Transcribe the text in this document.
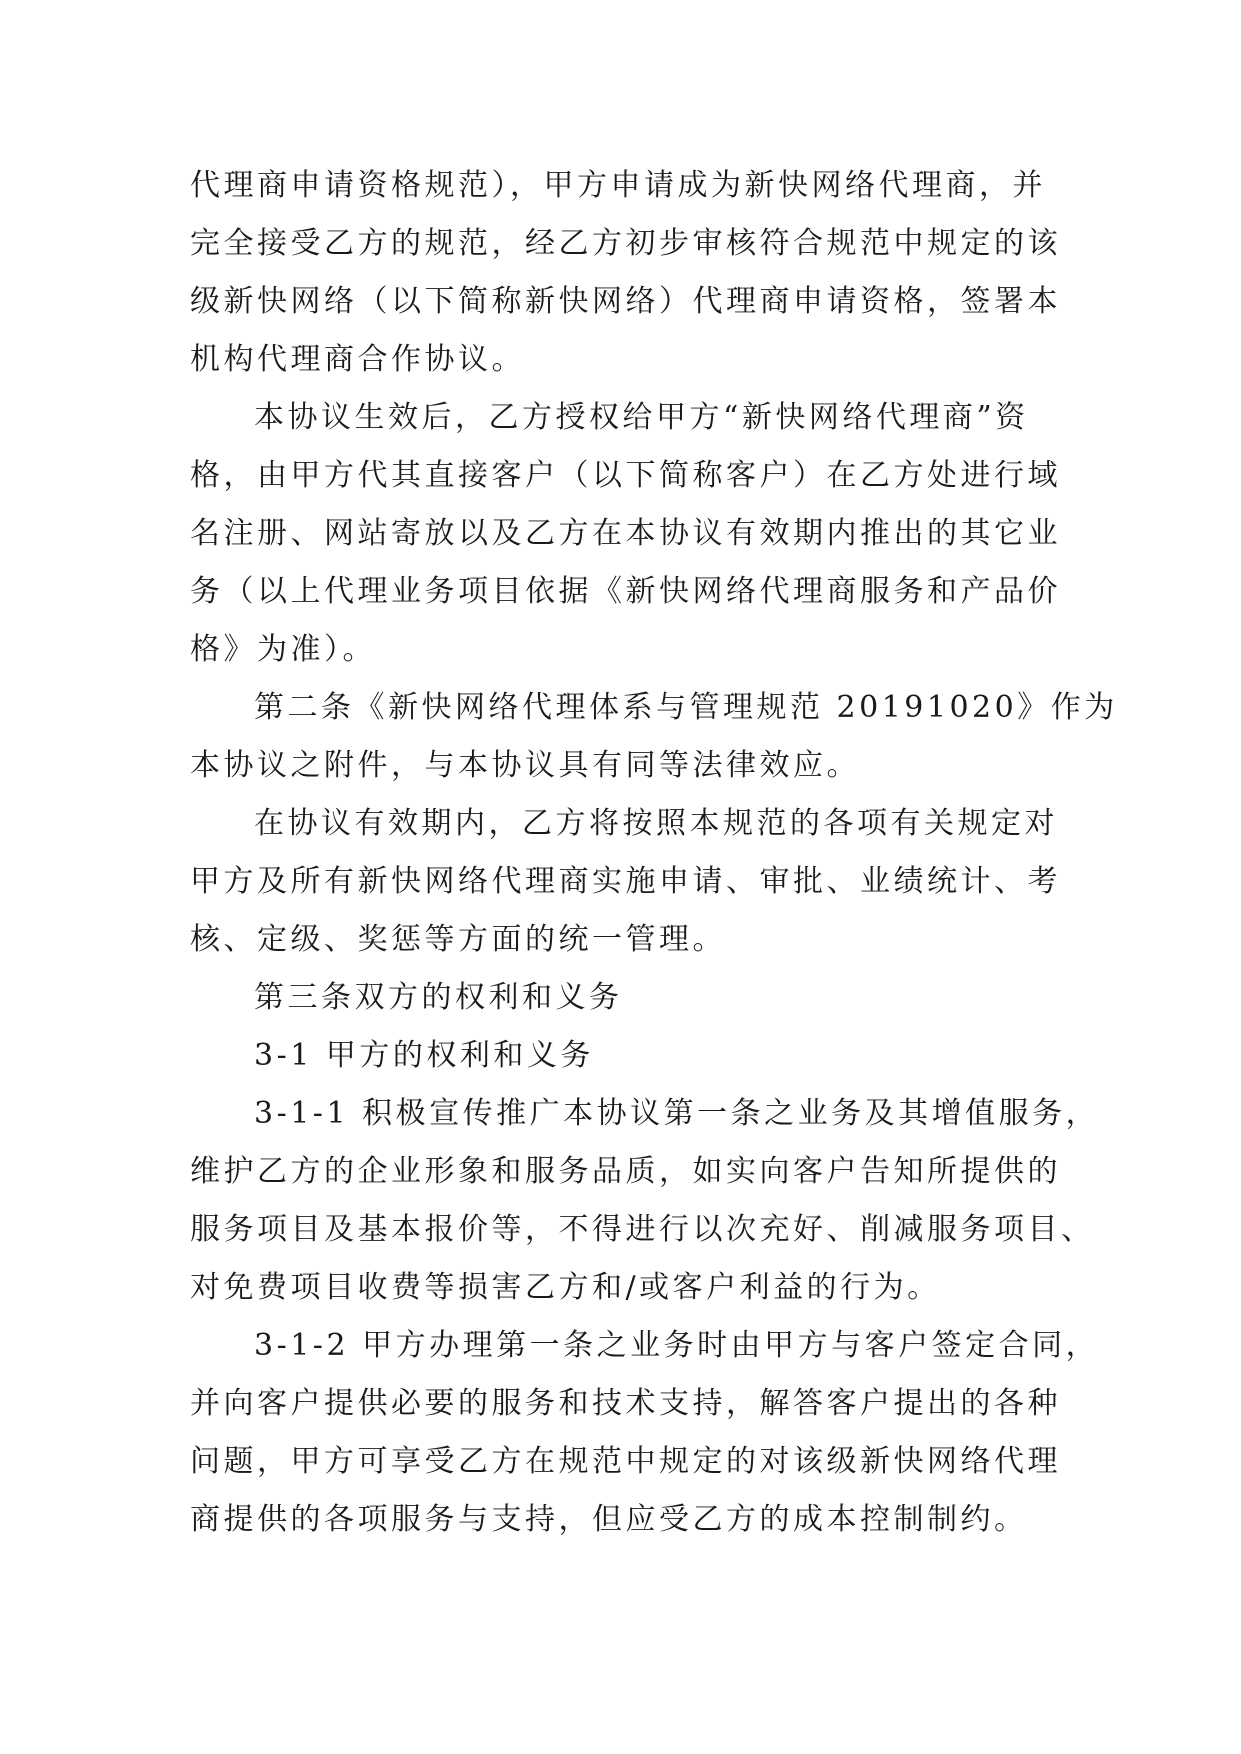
代理商申请资格规范），甲方申请成为新快网络代理商，并
完全接受乙方的规范，经乙方初步审核符合规范中规定的该
级新快网络（以下简称新快网络）代理商申请资格，签署本
机构代理商合作协议。
本协议生效后，乙方授权给甲方“新快网络代理商”资
格，由甲方代其直接客户（以下简称客户）在乙方处进行域
名注册、网站寄放以及乙方在本协议有效期内推出的其它业
务（以上代理业务项目依据《新快网络代理商服务和产品价
格》为准）。
第二条《新快网络代理体系与管理规范 20191020》作为
本协议之附件，与本协议具有同等法律效应。
在协议有效期内，乙方将按照本规范的各项有关规定对
甲方及所有新快网络代理商实施申请、审批、业绩统计、考
核、定级、奖惩等方面的统一管理。
第三条双方的权利和义务
3-1 甲方的权利和义务
3-1-1 积极宣传推广本协议第一条之业务及其增值服务，
维护乙方的企业形象和服务品质，如实向客户告知所提供的
服务项目及基本报价等，不得进行以次充好、削减服务项目、
对免费项目收费等损害乙方和/或客户利益的行为。
3-1-2 甲方办理第一条之业务时由甲方与客户签定合同，
并向客户提供必要的服务和技术支持，解答客户提出的各种
问题，甲方可享受乙方在规范中规定的对该级新快网络代理
商提供的各项服务与支持，但应受乙方的成本控制制约。
